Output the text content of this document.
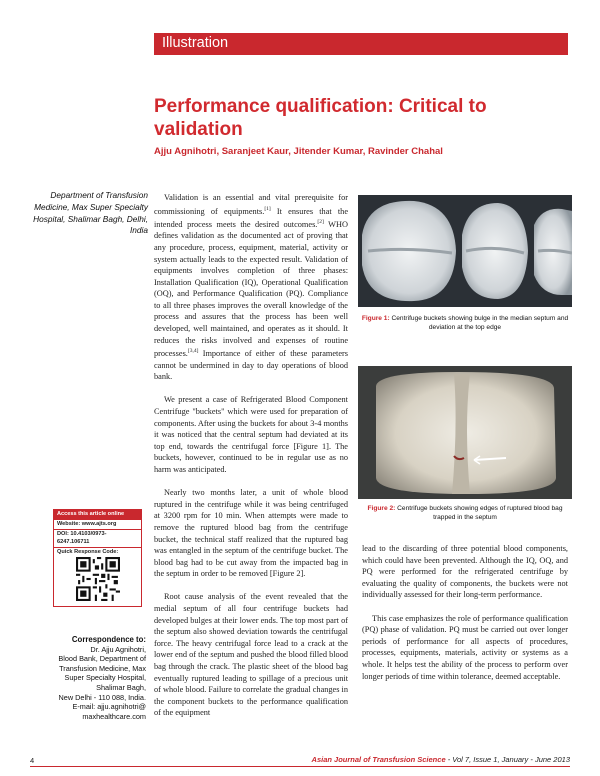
Illustration
Performance qualification: Critical to validation
Ajju Agnihotri, Saranjeet Kaur, Jitender Kumar, Ravinder Chahal
Department of Transfusion Medicine, Max Super Specialty Hospital, Shalimar Bagh, Delhi, India

Validation is an essential and vital prerequisite for commissioning of equipments.[1] It ensures that the intended process meets the desired outcomes.[2] WHO defines validation as the documented act of proving that any procedure, process, equipment, material, activity or system actually leads to the expected result. Validation of equipments involves completion of three phases: Installation Qualification (IQ), Operational Qualification (OQ), and Performance Qualification (PQ). Compliance to all three phases improves the overall knowledge of the process and assures that the process has been well developed, well maintained, and operates as it should. It reduces the risks involved and expenses of routine processes.[3,4] Importance of either of these parameters cannot be undermined in day to day operations of blood bank.

We present a case of Refrigerated Blood Component Centrifuge "buckets" which were used for preparation of components. After using the buckets for about 3-4 months it was noticed that the central septum had deviated at its top end, towards the centrifugal force [Figure 1]. The buckets, however, continued to be in regular use as no harm was anticipated.

Nearly two months later, a unit of whole blood ruptured in the centrifuge while it was being centrifuged at 3200 rpm for 10 min. When attempts were made to remove the ruptured blood bag from the centrifuge bucket, the technical staff realized that the ruptured bag was entangled in the septum of the centrifuge bucket. The blood bag had to be cut away from the impacted bag in the septum in order to be removed [Figure 2].

Root cause analysis of the event revealed that the medial septum of all four centrifuge buckets had developed bulges at their lower ends. The top most part of the septum also showed deviation towards the centrifugal force. The heavy centrifugal force lead to a crack at the lower end of the septum and pushed the blood filled blood bag through the crack. The plastic sheet of the blood bag eventually ruptured leading to spillage of a precious unit of whole blood. Failure to correlate the gradual changes in the component buckets to the performance qualification of the equipment

lead to the discarding of three potential blood components, which could have been prevented. Although the IQ, OQ, and PQ were performed for the refrigerated centrifuge by evaluating the quality of components, the buckets were not individually assessed for their long-term performance.

This case emphasizes the role of performance qualification (PQ) phase of validation. PQ must be carried out over longer periods of performance for all aspects of procedures, processes, equipments, materials, activity or systems as a whole. It helps test the ability of the process to perform over longer periods of time within tolerance, deemed acceptable.

Figure 1: Centrifuge buckets showing bulge in the median septum and deviation at the top edge
Figure 2: Centrifuge buckets showing edges of ruptured blood bag trapped in the septum
Access this article online
Website: www.ajts.org
DOI: 10.4103/0973-6247.106711
Quick Response Code:
Correspondence to:
Dr. Ajju Agnihotri,
Blood Bank, Department of
Transfusion Medicine, Max
Super Specialty Hospital,
Shalimar Bagh,
New Delhi - 110 088, India.
E-mail: ajju.agnihotri@
maxhealthcare.com
4	Asian Journal of Transfusion Science - Vol 7, Issue 1, January - June 2013
